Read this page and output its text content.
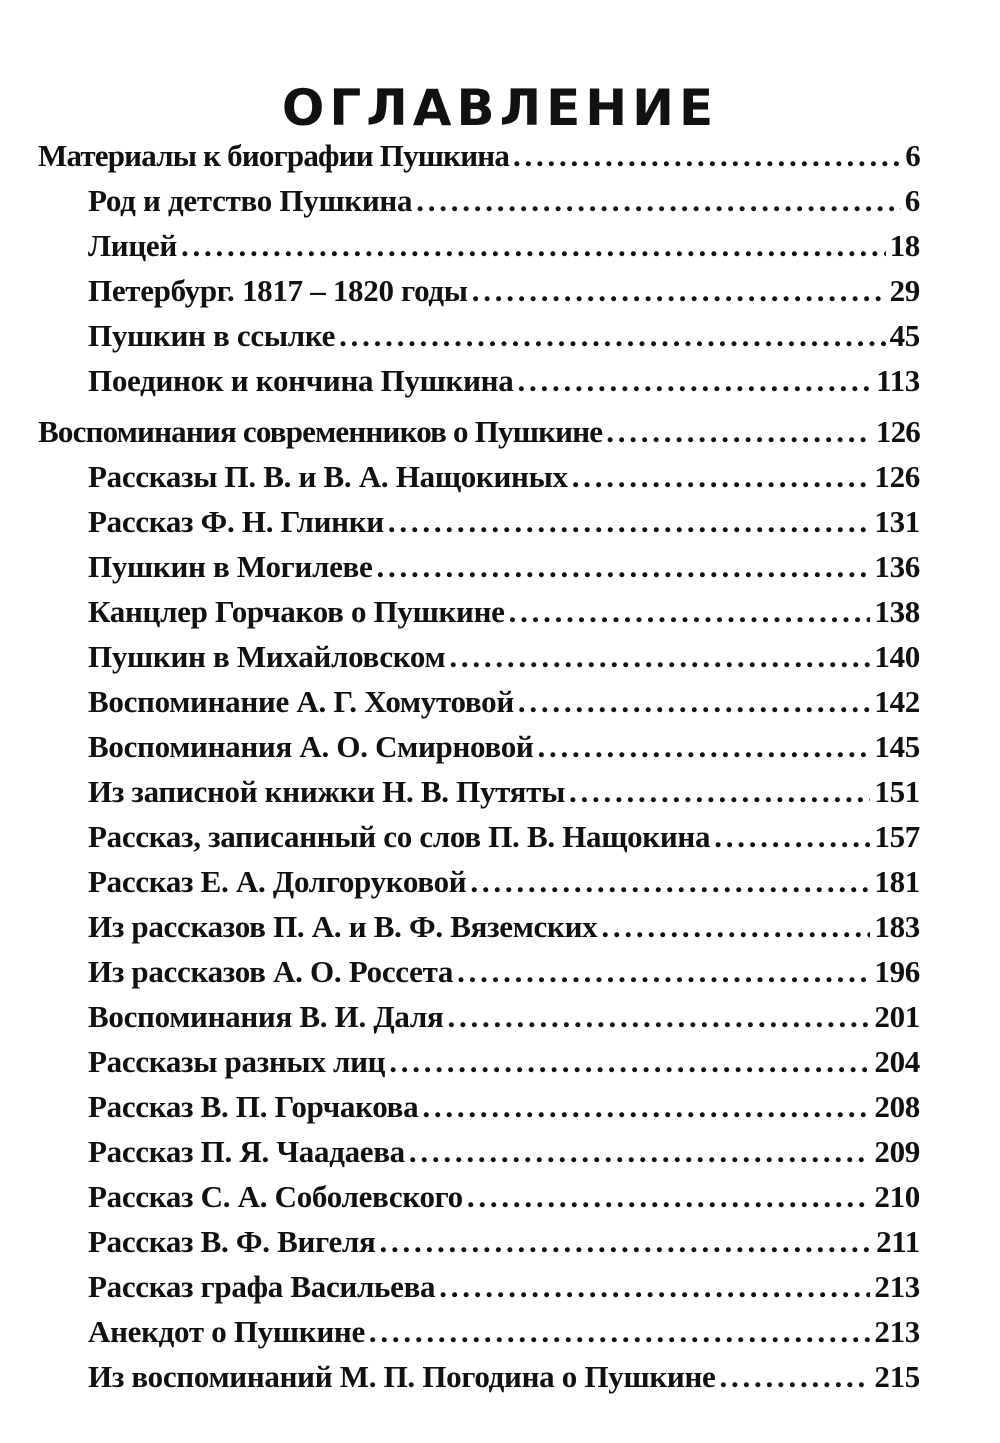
ОГЛАВЛЕНИЕ
Материалы к биографии Пушкина . . .	6
Род и детство Пушкина . . .	6
Лицей . . .	18
Петербург. 1817 – 1820 годы . . .	29
Пушкин в ссылке . . .	45
Поединок и кончина Пушкина . . .	113
Воспоминания современников о Пушкине . . .	126
Рассказы П. В. и В. А. Нащокиных . . .	126
Рассказ Ф. Н. Глинки . . .	131
Пушкин в Могилеве . . .	136
Канцлер Горчаков о Пушкине . . .	138
Пушкин в Михайловском . . .	140
Воспоминание А. Г. Хомутовой . . .	142
Воспоминания А. О. Смирновой . . .	145
Из записной книжки Н. В. Путяты . . .	151
Рассказ, записанный со слов П. В. Нащокина . . .	157
Рассказ Е. А. Долгоруковой . . .	181
Из рассказов П. А. и В. Ф. Вяземских . . .	183
Из рассказов А. О. Россета . . .	196
Воспоминания В. И. Даля . . .	201
Рассказы разных лиц . . .	204
Рассказ В. П. Горчакова . . .	208
Рассказ П. Я. Чаадаева . . .	209
Рассказ С. А. Соболевского . . .	210
Рассказ В. Ф. Вигеля . . .	211
Рассказ графа Васильева . . .	213
Анекдот о Пушкине . . .	213
Из воспоминаний М. П. Погодина о Пушкине . . .	215
